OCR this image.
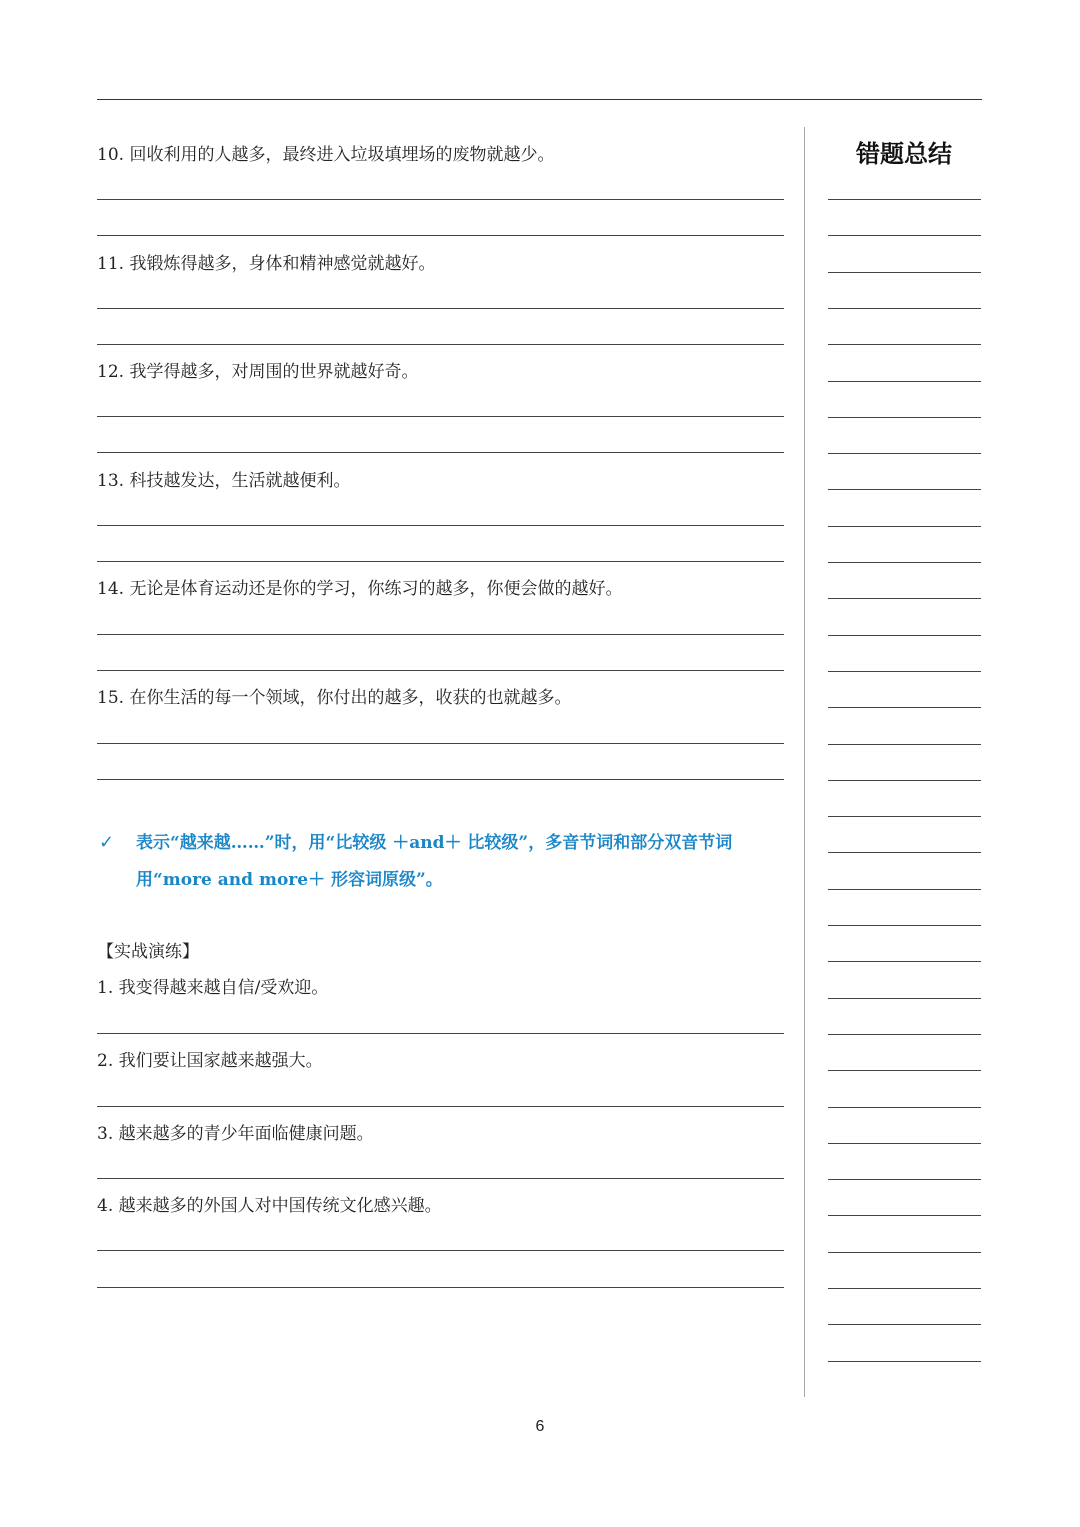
错题总结
10. 回收利用的人越多，最终进入垃圾填埋场的废物就越少。
11. 我锻炼得越多，身体和精神感觉就越好。
12. 我学得越多，对周围的世界就越好奇。
13. 科技越发达，生活就越便利。
14. 无论是体育运动还是你的学习，你练习的越多，你便会做的越好。
15. 在你生活的每一个领域，你付出的越多，收获的也就越多。
✓ 表示“越来越……”时，用“比较级 ＋and＋ 比较级”，多音节词和部分双音节词
用“more and more＋ 形容词原级”。
【实战演练】
1. 我变得越来越自信/受欢迎。
2. 我们要让国家越来越强大。
3. 越来越多的青少年面临健康问题。
4. 越来越多的外国人对中国传统文化感兴趣。
6
